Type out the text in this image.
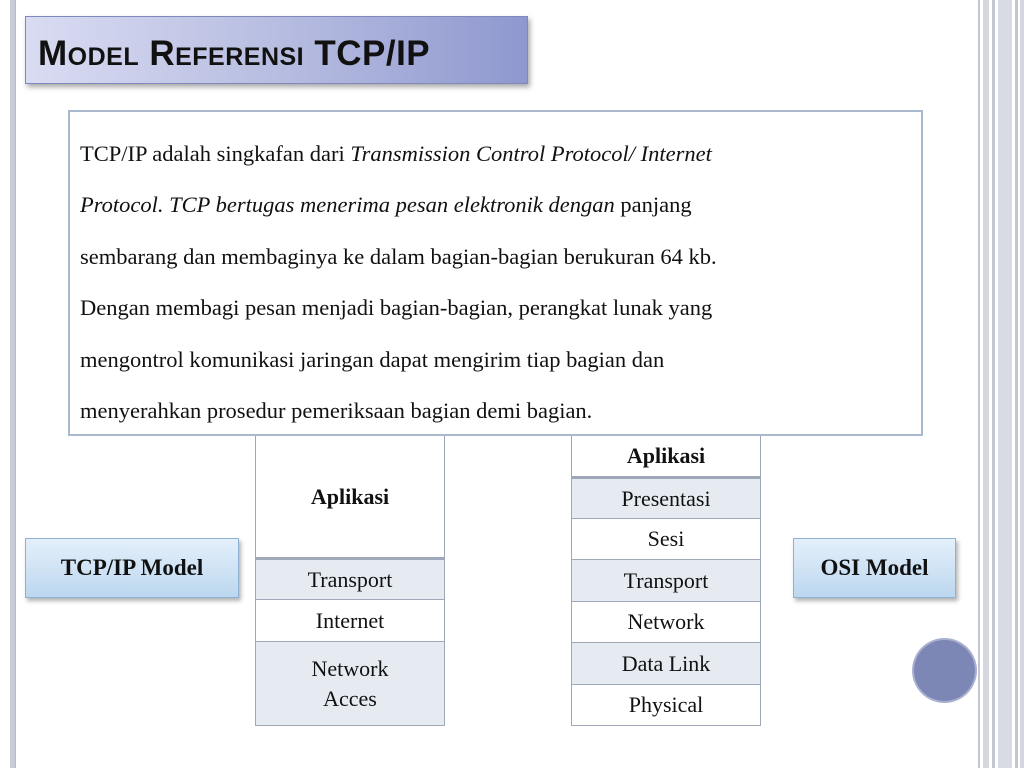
Model Referensi TCP/IP
Aplikasi
Transport
Internet
Network
Acces
Aplikasi
Presentasi
Sesi
Transport
Network
Data Link
Physical
TCP/IP adalah singkafan dari Transmission Control Protocol/ Internet
Protocol. TCP bertugas menerima pesan elektronik dengan panjang
sembarang dan membaginya ke dalam bagian-bagian berukuran 64 kb.
Dengan membagi pesan menjadi bagian-bagian, perangkat lunak yang
mengontrol komunikasi jaringan dapat mengirim tiap bagian dan
menyerahkan prosedur pemeriksaan bagian demi bagian.
TCP/IP Model	OSI Model
